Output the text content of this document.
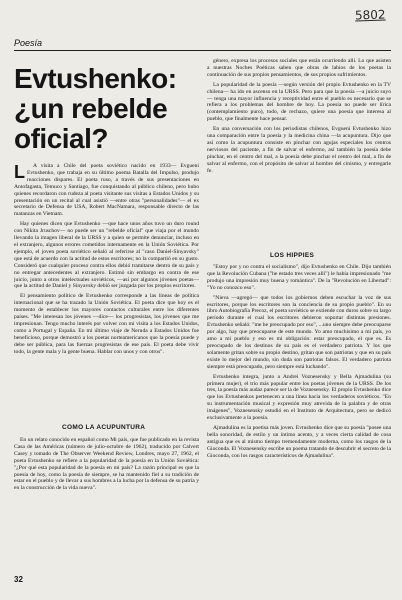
5802
Poesía
Evtushenko: ¿un rebelde oficial?
L	A visita a Chile del poeta soviético nacido en 1933— Evgueni Evtushenko, que trabaja en su último poema Batalla del Impulso, produjo reacciones dispares. El poeta ruso, a través de sus presentaciones en Antofagasta, Temuco y Santiago, fue conquistando al público chileno, pero hubo quienes recordaron con rudeza al poeta visitante sus visitas a Estados Unidos y su presentación en un recital al cual asistió —entre otras "personalidades"— el ex secretario de Defensa de USA, Robert MacNamara, responsable directo de las matanzas en Vietnam.

Hay quienes dicen que Evtushenko —que hace unos años tuvo un duro round con Nikita Jruschov— no puede ser un "rebelde oficial" que viaja por el mundo llevando la imagen liberal de la URSS y a quien se permite denunciar, incluso en el extranjero, algunos errores cometidos internamente en la Unión Soviética. Por ejemplo, el joven poeta soviético señaló al referirse al "caso Daniel-Sinyavsky" que está de acuerdo con la actitud de estos escritores; no la compartió en su gusto. Consideró que cualquier proceso contra ellos debió tramitarse dentro de su país y no entregar antecedentes al extranjero. Estimó sin embargo en contra de ese juicio, junto a otros intelectuales soviéticos, —así por algunos jóvenes poetas— que la actitud de Daniel y Sinyavsky debió ser juzgada por los propios escritores.

El pensamiento político de Evtushenko corresponde a las líneas de política internacional que se ha trazado la Unión Soviética. El poeta dice que hoy es el momento de establecer los mayores contactos culturales entre los diferentes países. "Me interesan los jóvenes —dice— los progresistas, los jóvenes que me impresionan. Tengo mucho interés por volver con mi visita a los Estados Unidos, como a Portugal y España. En mi último viaje de Neruda a Estados Unidos fue beneficioso, porque demostró a los poetas norteamericanos que la poesía puede y debe ser pública, para las fuerzas progresistas de ese país. El poeta debe vivir todo, la gente mala y la gente buena. Hablar con unos y con otros".

COMO LA ACUPUNTURA

En un relato conocido en español como Mi país, que fue publicado en la revista Casa de las Américas (número de julio-octubre de 1962), traducido por Calvert Casey y tomado de The Observer Weekend Review, Londres, mayo 27, 1962, el poeta Evtushenko se refiere a la popularidad de la poesía en la Unión Soviética: "¿Por qué esta popularidad de la poesía en mi país? La razón principal es que la poesía de hoy, como la poesía de siempre, se ha mantenido fiel a su tradición de estar en el pueblo y de llevar a sus hombres a la lucha por la defensa de su patria y en la construcción de la vida nueva".

género, expresa los procesos sociales que están ocurriendo allí. Lo que asisten a nuestras Noches Poéticas saben que obras de labios de los poetas la continuación de sus propios pensamientos, de sus propios sufrimientos.

La popularidad de la poesía —según versión del propio Evtushenko en la TV chilena— ha ido en ascenso en la URSS. Pero para que la poesía —a juicio suyo— tenga una mayor influencia y receptividad entre el pueblo es necesario que se refiera a los problemas del hombre de hoy. La poesía no puede ser lírica (contemplamiento puro), todo, de rechazo, quiere una poesía que interesa al pueblo, que finalmente hace pensar.

En una conversación con los periodistas chilenos, Evgueni Evtushenko hizo una comparación entre la poesía y la medicina china —la acupuntura. Dijo que así como la acupuntura consiste en pinchar con agujas especiales los centros nerviosos del paciente, a fin de salvar el enfermo, así también la poesía debe pinchar, en el centro del mal, a la poesía debe pinchar el centro del mal, a fin de salvar al enfermo, con el propósito de salvar al hombre del cinismo, y entregarle fe.

LOS HIPPIES

"Estoy por y no contra el socialismo", dijo Evtushenko en Chile. Dijo también que la Revolución Cubana ("he estado tres veces allí") le había impresionado "me produjo una impresión muy buena y romántica". De la "Revolución en Libertad": "Yo no conozco eso".

"Nieva —agregó— que todos los gobiernos deben escuchar la voz de sus escritores, porque los escritores son la conciencia de su propio pueblo". En su libro Autobiografía Precoz, el poeta soviético se extiende con duros sobre su largo período durante el cual los escritores debieron soportar distintas presiones. Evtushenko señaló: "me he preocupado por eso", ...uno siempre debe preocuparse por algo, hay que preocuparse de este mundo. Yo amo muchísimo a mi país, yo amo a mi pueblo y eso es mi obligación: estar preocupado, el que es. Es preocupado de los destinos de su país es el verdadero patriota. Y los que solamente gritan sobre su propio destino, gritan que son patriotas y que en su país existe lo mejor del mundo, sin duda son patriotas falsos. El verdadero patriota siempre está preocupado, pero siempre está luchando".

Evtushenko integra, junto a Andrei Voznesensky y Bella Ajmadulina (su primera mujer), el trío más popular entre los poetas jóvenes de la URSS. De los tres, la poesía más audaz parece ser la de Voznesensky. El propio Evtushenko dice que los Evtushenkos pertenecen a una línea hacia los verdaderos soviéticos. "En su instrumentación musical y expresión muy atrevida de la palabra y de otras imágenes", Voznesensky estudió en el Instituto de Arquitectura, pero se dedicó exclusivamente a la poesía.

Ajmadulina es la poetisa más joven. Evtushenko dice que su poesía "posee una bella sonoridad, de estilo y un íntimo acento, y a veces cierta calidad de cosa antigua que es al mismo tiempo tremendamente moderna, como los rasgos de la Gioconda. El Voznesensky escribe un poema tratando de descubrir el secreto de la Gioconda, con los rasgos característicos de Ajmadulina".

32
